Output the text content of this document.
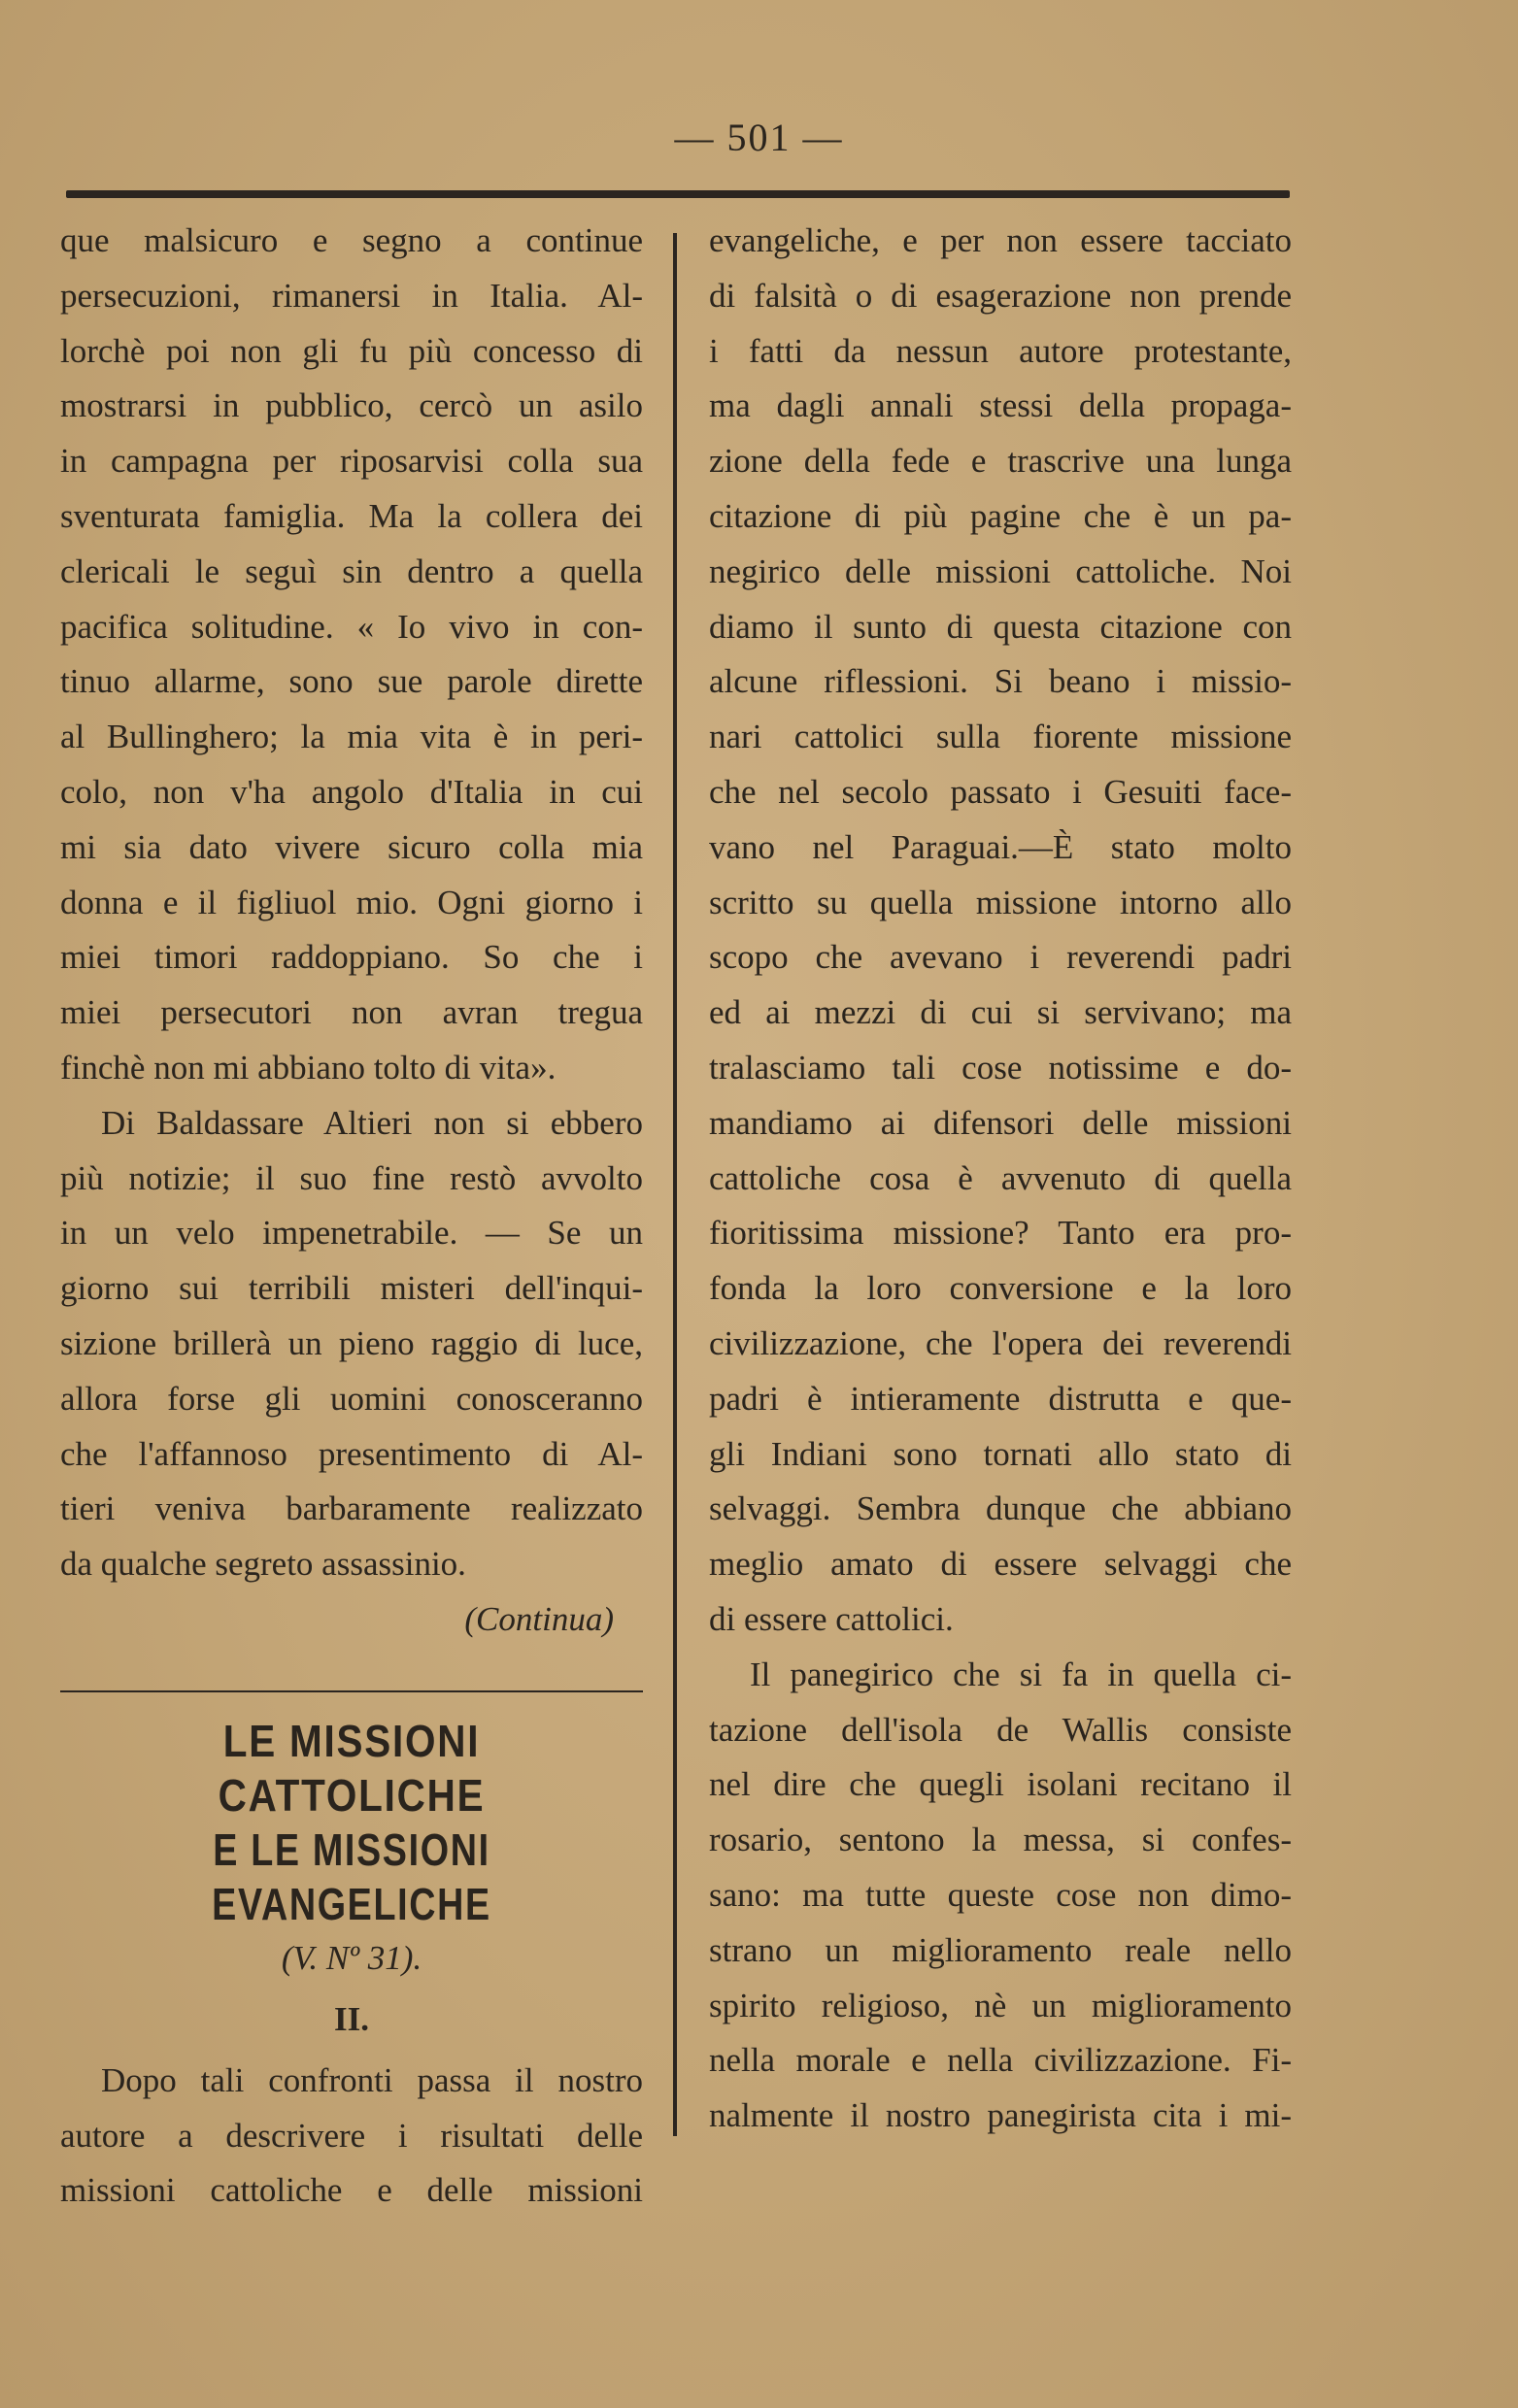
— 501 —
que malsicuro e segno a continue
persecuzioni, rimanersi in Italia. Al-
lorchè poi non gli fu più concesso di
mostrarsi in pubblico, cercò un asilo
in campagna per riposarvisi colla sua
sventurata famiglia. Ma la collera dei
clericali le seguì sin dentro a quella
pacifica solitudine. « Io vivo in con-
tinuo allarme, sono sue parole dirette
al Bullinghero; la mia vita è in peri-
colo, non v'ha angolo d'Italia in cui
mi sia dato vivere sicuro colla mia
donna e il figliuol mio. Ogni giorno i
miei timori raddoppiano. So che i
miei persecutori non avran tregua
finchè non mi abbiano tolto di vita».
Di Baldassare Altieri non si ebbero
più notizie; il suo fine restò avvolto
in un velo impenetrabile. — Se un
giorno sui terribili misteri dell'inqui-
sizione brillerà un pieno raggio di luce,
allora forse gli uomini conosceranno
che l'affannoso presentimento di Al-
tieri veniva barbaramente realizzato
da qualche segreto assassinio.
(Continua)
LE MISSIONI CATTOLICHE
E LE MISSIONI EVANGELICHE
(V. Nº 31).
II.
Dopo tali confronti passa il nostro
autore a descrivere i risultati delle
missioni cattoliche e delle missioni
evangeliche, e per non essere tacciato
di falsità o di esagerazione non prende
i fatti da nessun autore protestante,
ma dagli annali stessi della propaga-
zione della fede e trascrive una lunga
citazione di più pagine che è un pa-
negirico delle missioni cattoliche. Noi
diamo il sunto di questa citazione con
alcune riflessioni. Si beano i missio-
nari cattolici sulla fiorente missione
che nel secolo passato i Gesuiti face-
vano nel Paraguai.—È stato molto
scritto su quella missione intorno allo
scopo che avevano i reverendi padri
ed ai mezzi di cui si servivano; ma
tralasciamo tali cose notissime e do-
mandiamo ai difensori delle missioni
cattoliche cosa è avvenuto di quella
fioritissima missione? Tanto era pro-
fonda la loro conversione e la loro
civilizzazione, che l'opera dei reverendi
padri è intieramente distrutta e que-
gli Indiani sono tornati allo stato di
selvaggi. Sembra dunque che abbiano
meglio amato di essere selvaggi che
di essere cattolici.
Il panegirico che si fa in quella ci-
tazione dell'isola de Wallis consiste
nel dire che quegli isolani recitano il
rosario, sentono la messa, si confes-
sano: ma tutte queste cose non dimo-
strano un miglioramento reale nello
spirito religioso, nè un miglioramento
nella morale e nella civilizzazione. Fi-
nalmente il nostro panegirista cita i mi-
